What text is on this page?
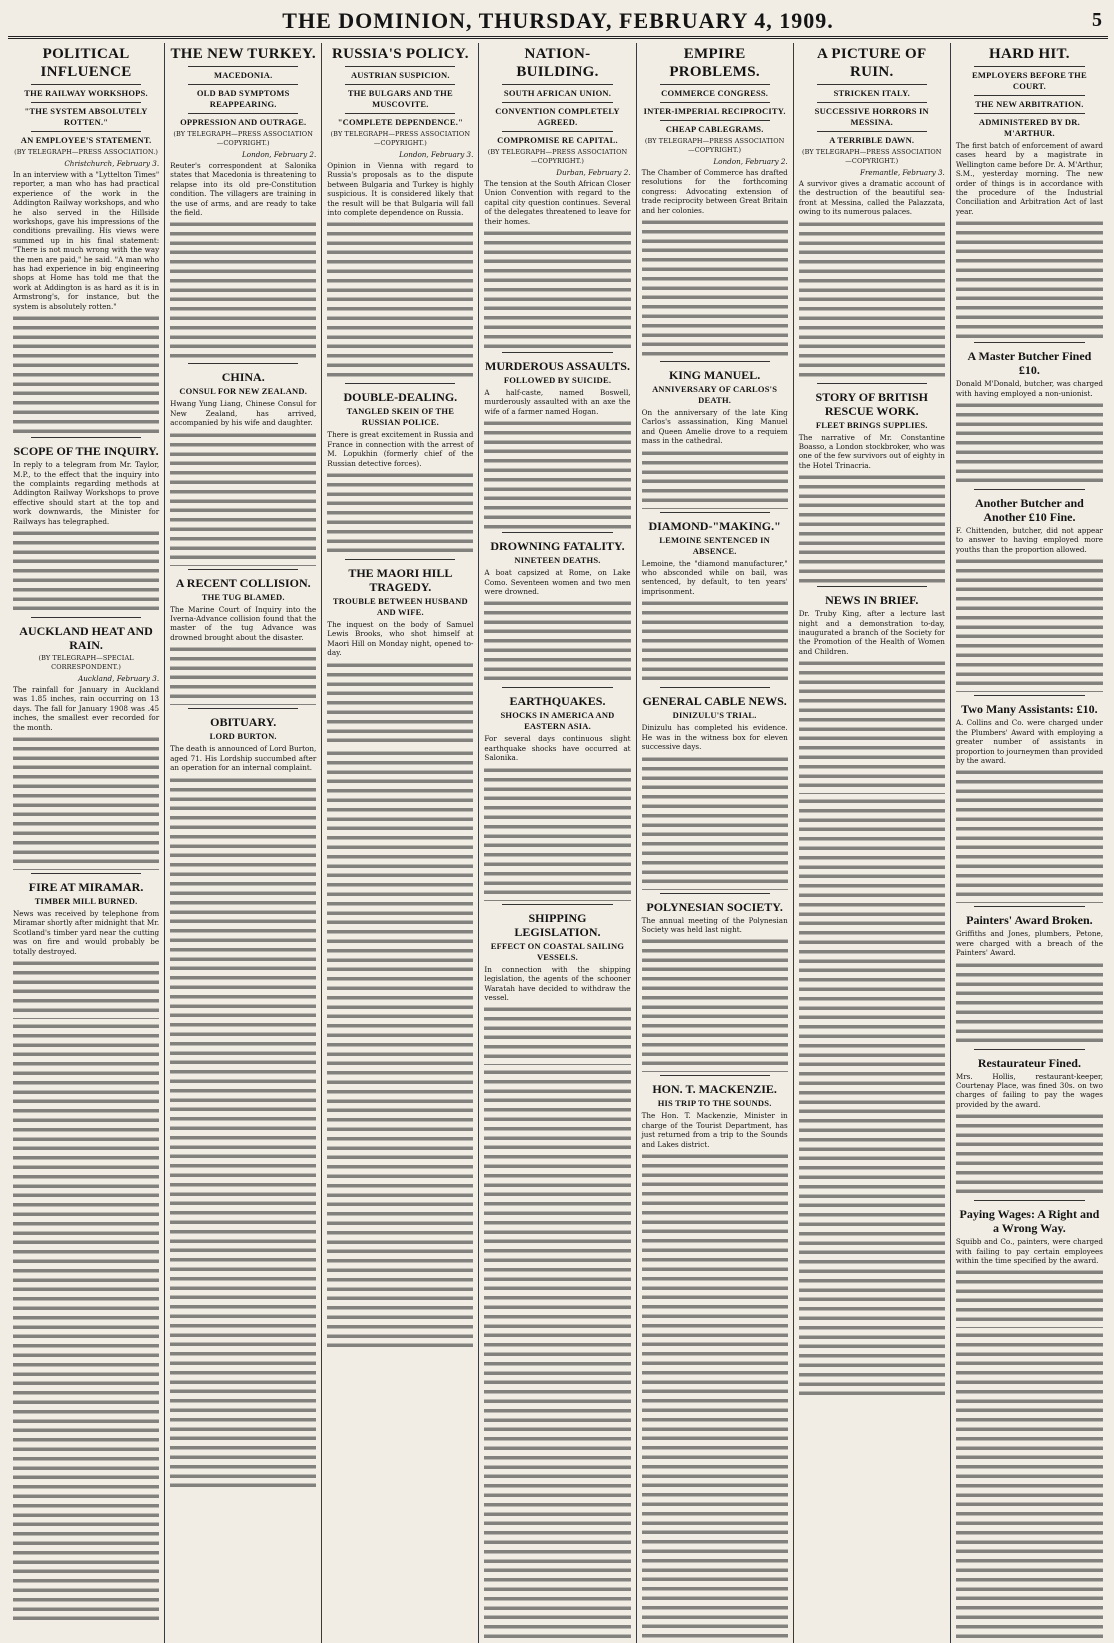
THE DOMINION, THURSDAY, FEBRUARY 4, 1909.	5
POLITICAL INFLUENCE
THE RAILWAY WORKSHOPS.
"THE SYSTEM ABSOLUTELY ROTTEN."
AN EMPLOYEE'S STATEMENT.
(BY TELEGRAPH—PRESS ASSOCIATION.)
Christchurch, February 3.
In an interview with a "Lyttelton Times" reporter, a man who has had practical experience of the work in the Addington Railway workshops, and who he also served in the Hillside workshops, gave his impressions of the conditions prevailing. His views were summed up in his final statement: "There is not much wrong with the way the men are paid," he said. "A man who has had experience in big engineering shops at Home has told me that the work at Addington is as hard as it is in Armstrong's, for instance, but the system is absolutely rotten."
SCOPE OF THE INQUIRY.
In reply to a telegram from Mr. Taylor, M.P., to the effect that the inquiry into the complaints regarding methods at Addington Railway Workshops to prove effective should start at the top and work downwards, the Minister for Railways has telegraphed.
AUCKLAND HEAT AND RAIN.
(BY TELEGRAPH—SPECIAL CORRESPONDENT.)
Auckland, February 3.
The rainfall for January in Auckland was 1.85 inches, rain occurring on 13 days. The fall for January 1908 was .45 inches, the smallest ever recorded for the month.
FIRE AT MIRAMAR.
TIMBER MILL BURNED.
News was received by telephone from Miramar shortly after midnight that Mr. Scotland's timber yard near the cutting was on fire and would probably be totally destroyed.
THE NEW TURKEY.
MACEDONIA.
OLD BAD SYMPTOMS REAPPEARING.
OPPRESSION AND OUTRAGE.
(BY TELEGRAPH—PRESS ASSOCIATION—COPYRIGHT.)
London, February 2.
Reuter's correspondent at Salonika states that Macedonia is threatening to relapse into its old pre-Constitution condition. The villagers are training in the use of arms, and are ready to take the field.
CHINA.
CONSUL FOR NEW ZEALAND.
Hwang Yung Liang, Chinese Consul for New Zealand, has arrived, accompanied by his wife and daughter.
A RECENT COLLISION.
THE TUG BLAMED.
The Marine Court of Inquiry into the Iverna-Advance collision found that the master of the tug Advance was drowned brought about the disaster.
OBITUARY.
LORD BURTON.
The death is announced of Lord Burton, aged 71. His Lordship succumbed after an operation for an internal complaint.
RUSSIA'S POLICY.
AUSTRIAN SUSPICION.
THE BULGARS AND THE MUSCOVITE.
"COMPLETE DEPENDENCE."
(BY TELEGRAPH—PRESS ASSOCIATION—COPYRIGHT.)
London, February 3.
Opinion in Vienna with regard to Russia's proposals as to the dispute between Bulgaria and Turkey is highly suspicious. It is considered likely that the result will be that Bulgaria will fall into complete dependence on Russia.
DOUBLE-DEALING.
TANGLED SKEIN OF THE RUSSIAN POLICE.
There is great excitement in Russia and France in connection with the arrest of M. Lopukhin (formerly chief of the Russian detective forces).
THE MAORI HILL TRAGEDY.
TROUBLE BETWEEN HUSBAND AND WIFE.
The inquest on the body of Samuel Lewis Brooks, who shot himself at Maori Hill on Monday night, opened to-day.
NATION-BUILDING.
SOUTH AFRICAN UNION.
CONVENTION COMPLETELY AGREED.
COMPROMISE RE CAPITAL.
(BY TELEGRAPH—PRESS ASSOCIATION—COPYRIGHT.)
Durban, February 2.
The tension at the South African Closer Union Convention with regard to the capital city question continues. Several of the delegates threatened to leave for their homes.
MURDEROUS ASSAULTS.
FOLLOWED BY SUICIDE.
A half-caste, named Boswell, murderously assaulted with an axe the wife of a farmer named Hogan.
DROWNING FATALITY.
NINETEEN DEATHS.
A boat capsized at Rome, on Lake Como. Seventeen women and two men were drowned.
EARTHQUAKES.
SHOCKS IN AMERICA AND EASTERN ASIA.
For several days continuous slight earthquake shocks have occurred at Salonika.
SHIPPING LEGISLATION.
EFFECT ON COASTAL SAILING VESSELS.
In connection with the shipping legislation, the agents of the schooner Waratah have decided to withdraw the vessel.
EMPIRE PROBLEMS.
COMMERCE CONGRESS.
INTER-IMPERIAL RECIPROCITY.
CHEAP CABLEGRAMS.
(BY TELEGRAPH—PRESS ASSOCIATION—COPYRIGHT.)
London, February 2.
The Chamber of Commerce has drafted resolutions for the forthcoming congress: Advocating extension of trade reciprocity between Great Britain and her colonies.
KING MANUEL.
ANNIVERSARY OF CARLOS'S DEATH.
On the anniversary of the late King Carlos's assassination, King Manuel and Queen Amelie drove to a requiem mass in the cathedral.
DIAMOND-"MAKING."
LEMOINE SENTENCED IN ABSENCE.
Lemoine, the "diamond manufacturer," who absconded while on bail, was sentenced, by default, to ten years' imprisonment.
GENERAL CABLE NEWS.
DINIZULU'S TRIAL.
Dinizulu has completed his evidence. He was in the witness box for eleven successive days.
POLYNESIAN SOCIETY.
The annual meeting of the Polynesian Society was held last night.
HON. T. MACKENZIE.
HIS TRIP TO THE SOUNDS.
The Hon. T. Mackenzie, Minister in charge of the Tourist Department, has just returned from a trip to the Sounds and Lakes district.
A PICTURE OF RUIN.
STRICKEN ITALY.
SUCCESSIVE HORRORS IN MESSINA.
A TERRIBLE DAWN.
(BY TELEGRAPH—PRESS ASSOCIATION—COPYRIGHT.)
Fremantle, February 3.
A survivor gives a dramatic account of the destruction of the beautiful sea-front at Messina, called the Palazzata, owing to its numerous palaces.
STORY OF BRITISH RESCUE WORK.
FLEET BRINGS SUPPLIES.
The narrative of Mr. Constantine Boasso, a London stockbroker, who was one of the few survivors out of eighty in the Hotel Trinacria.
NEWS IN BRIEF.
Dr. Truby King, after a lecture last night and a demonstration to-day, inaugurated a branch of the Society for the Promotion of the Health of Women and Children.
HARD HIT.
EMPLOYERS BEFORE THE COURT.
THE NEW ARBITRATION.
ADMINISTERED BY DR. M'ARTHUR.
The first batch of enforcement of award cases heard by a magistrate in Wellington came before Dr. A. M'Arthur, S.M., yesterday morning. The new order of things is in accordance with the procedure of the Industrial Conciliation and Arbitration Act of last year.
A Master Butcher Fined £10.
Donald M'Donald, butcher, was charged with having employed a non-unionist.
Another Butcher and Another £10 Fine.
F. Chittenden, butcher, did not appear to answer to having employed more youths than the proportion allowed.
Two Many Assistants: £10.
A. Collins and Co. were charged under the Plumbers' Award with employing a greater number of assistants in proportion to journeymen than provided by the award.
Painters' Award Broken.
Griffiths and Jones, plumbers, Petone, were charged with a breach of the Painters' Award.
Restaurateur Fined.
Mrs. Hollis, restaurant-keeper, Courtenay Place, was fined 30s. on two charges of failing to pay the wages provided by the award.
Paying Wages: A Right and a Wrong Way.
Squibb and Co., painters, were charged with failing to pay certain employees within the time specified by the award.
